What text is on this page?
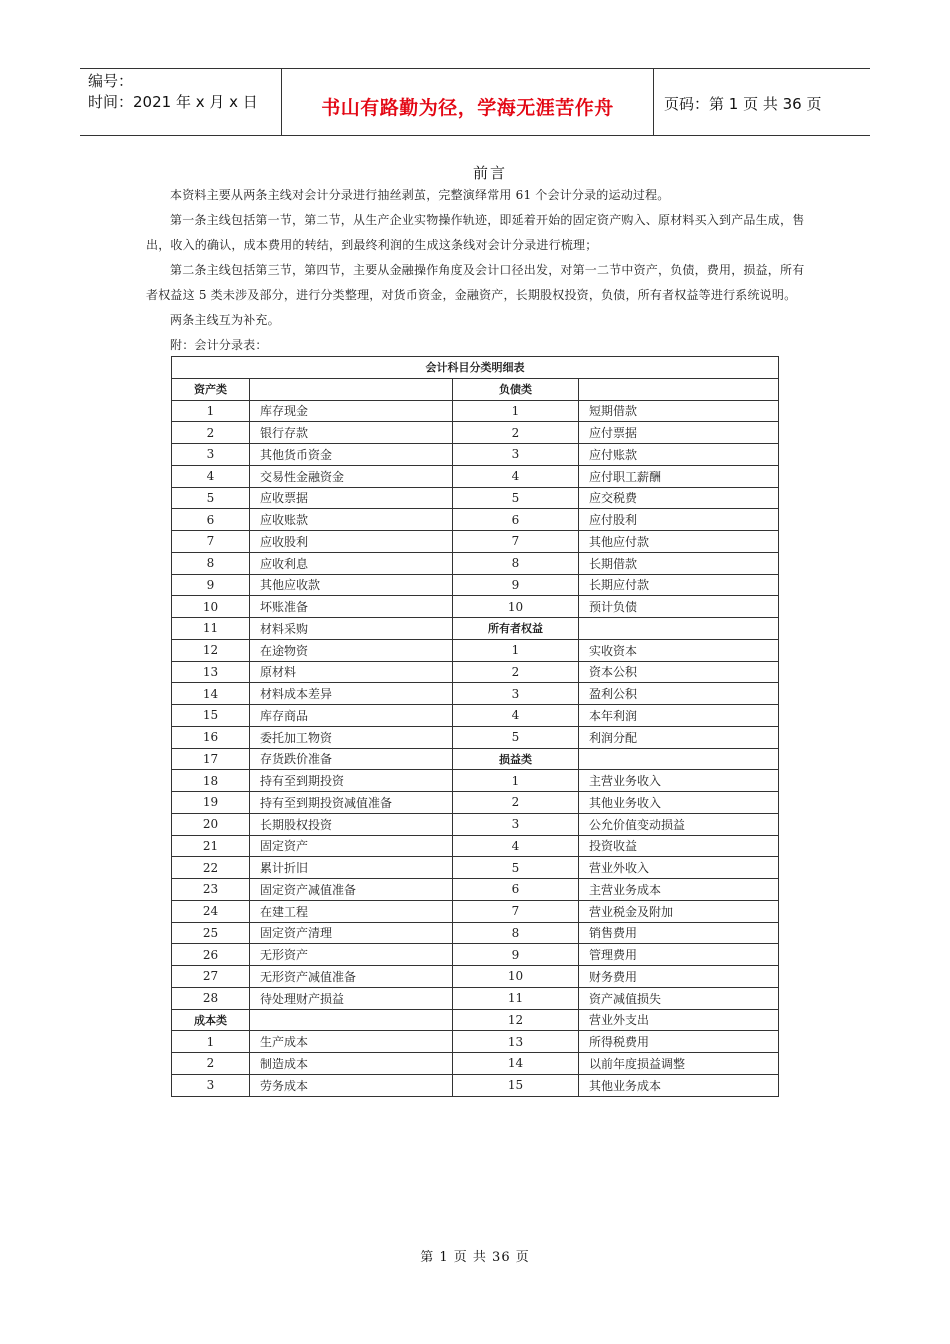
编号：
时间：2021 年 x 月 x 日	书山有路勤为径，学海无涯苦作舟	页码：第 1 页 共 36 页
前言
本资料主要从两条主线对会计分录进行抽丝剥茧，完整演绎常用 61 个会计分录的运动过程。
第一条主线包括第一节，第二节，从生产企业实物操作轨迹，即延着开始的固定资产购入、原材料买入到产品生成，售出，收入的确认，成本费用的转结，到最终利润的生成这条线对会计分录进行梳理；
第二条主线包括第三节，第四节，主要从金融操作角度及会计口径出发，对第一二节中资产，负债，费用，损益，所有者权益这 5 类未涉及部分，进行分类整理，对货币资金，金融资产，长期股权投资，负债，所有者权益等进行系统说明。
两条主线互为补充。
附：会计分录表：
会计科目分类明细表			
资产类		负债类	
1	库存现金	1	短期借款
2	银行存款	2	应付票据
3	其他货币资金	3	应付账款
4	交易性金融资金	4	应付职工薪酬
5	应收票据	5	应交税费
6	应收账款	6	应付股利
7	应收股利	7	其他应付款
8	应收利息	8	长期借款
9	其他应收款	9	长期应付款
10	坏账准备	10	预计负债
11	材料采购	所有者权益	
12	在途物资	1	实收资本
13	原材料	2	资本公积
14	材料成本差异	3	盈利公积
15	库存商品	4	本年利润
16	委托加工物资	5	利润分配
17	存货跌价准备	损益类	
18	持有至到期投资	1	主营业务收入
19	持有至到期投资减值准备	2	其他业务收入
20	长期股权投资	3	公允价值变动损益
21	固定资产	4	投资收益
22	累计折旧	5	营业外收入
23	固定资产减值准备	6	主营业务成本
24	在建工程	7	营业税金及附加
25	固定资产清理	8	销售费用
26	无形资产	9	管理费用
27	无形资产减值准备	10	财务费用
28	待处理财产损益	11	资产减值损失
成本类		12	营业外支出
1	生产成本	13	所得税费用
2	制造成本	14	以前年度损益调整
3	劳务成本	15	其他业务成本
第 1 页 共 36 页
